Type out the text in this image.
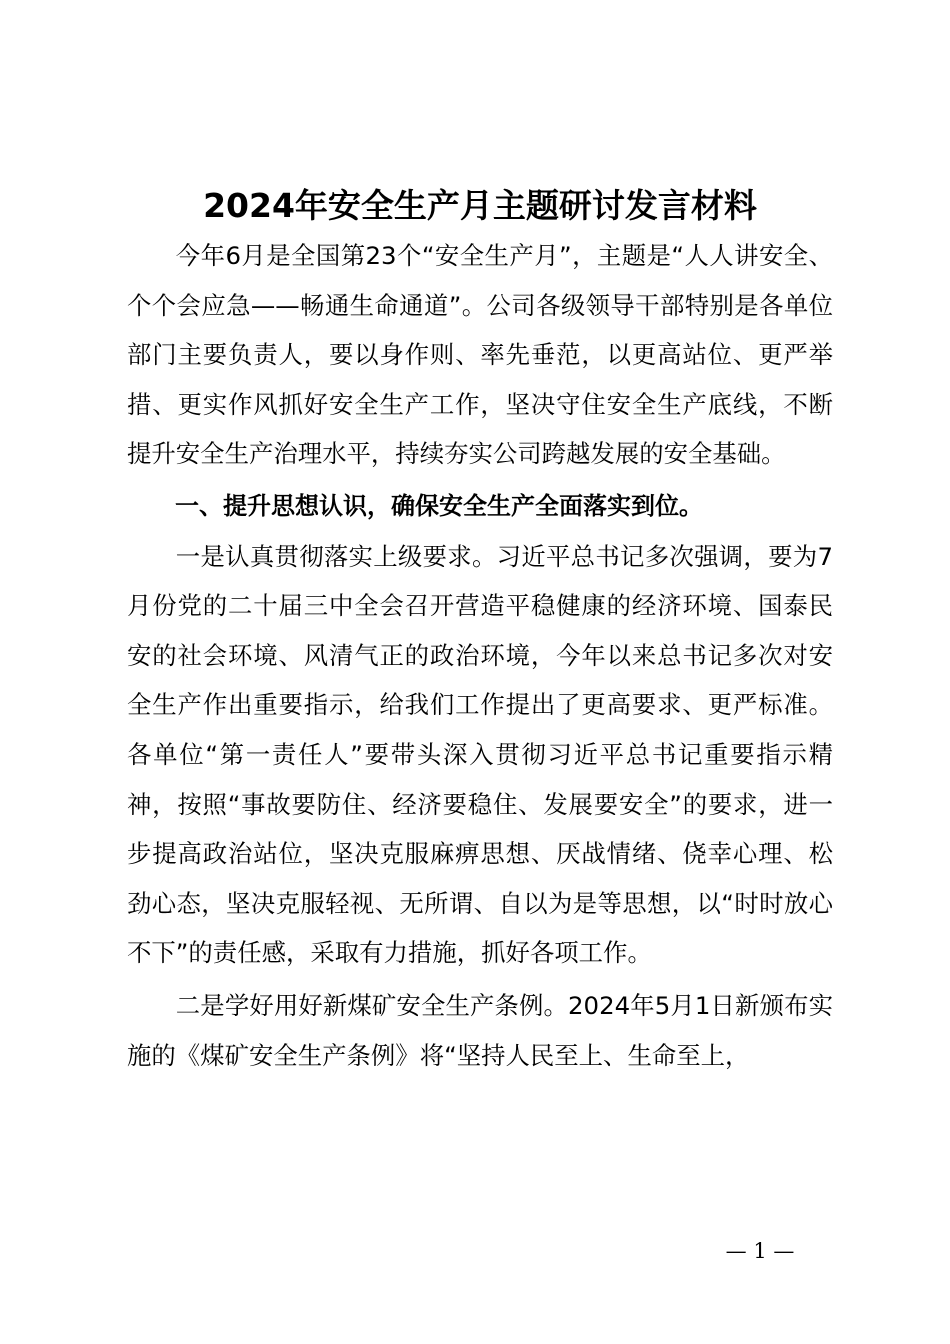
2024年安全生产月主题研讨发言材料

今年6月是全国第23个“安全生产月”，主题是“人人讲安全、个个会应急——畅通生命通道”。公司各级领导干部特别是各单位部门主要负责人，要以身作则、率先垂范，以更高站位、更严举措、更实作风抓好安全生产工作，坚决守住安全生产底线，不断提升安全生产治理水平，持续夯实公司跨越发展的安全基础。

一、提升思想认识，确保安全生产全面落实到位。

一是认真贯彻落实上级要求。习近平总书记多次强调，要为7月份党的二十届三中全会召开营造平稳健康的经济环境、国泰民安的社会环境、风清气正的政治环境，今年以来总书记多次对安全生产作出重要指示，给我们工作提出了更高要求、更严标准。各单位“第一责任人”要带头深入贯彻习近平总书记重要指示精神，按照“事故要防住、经济要稳住、发展要安全”的要求，进一步提高政治站位，坚决克服麻痹思想、厌战情绪、侥幸心理、松劲心态，坚决克服轻视、无所谓、自以为是等思想，以“时时放心不下”的责任感，采取有力措施，抓好各项工作。

二是学好用好新煤矿安全生产条例。2024年5月1日新颁布实施的《煤矿安全生产条例》将“坚持人民至上、生命至上，

— 1 —
